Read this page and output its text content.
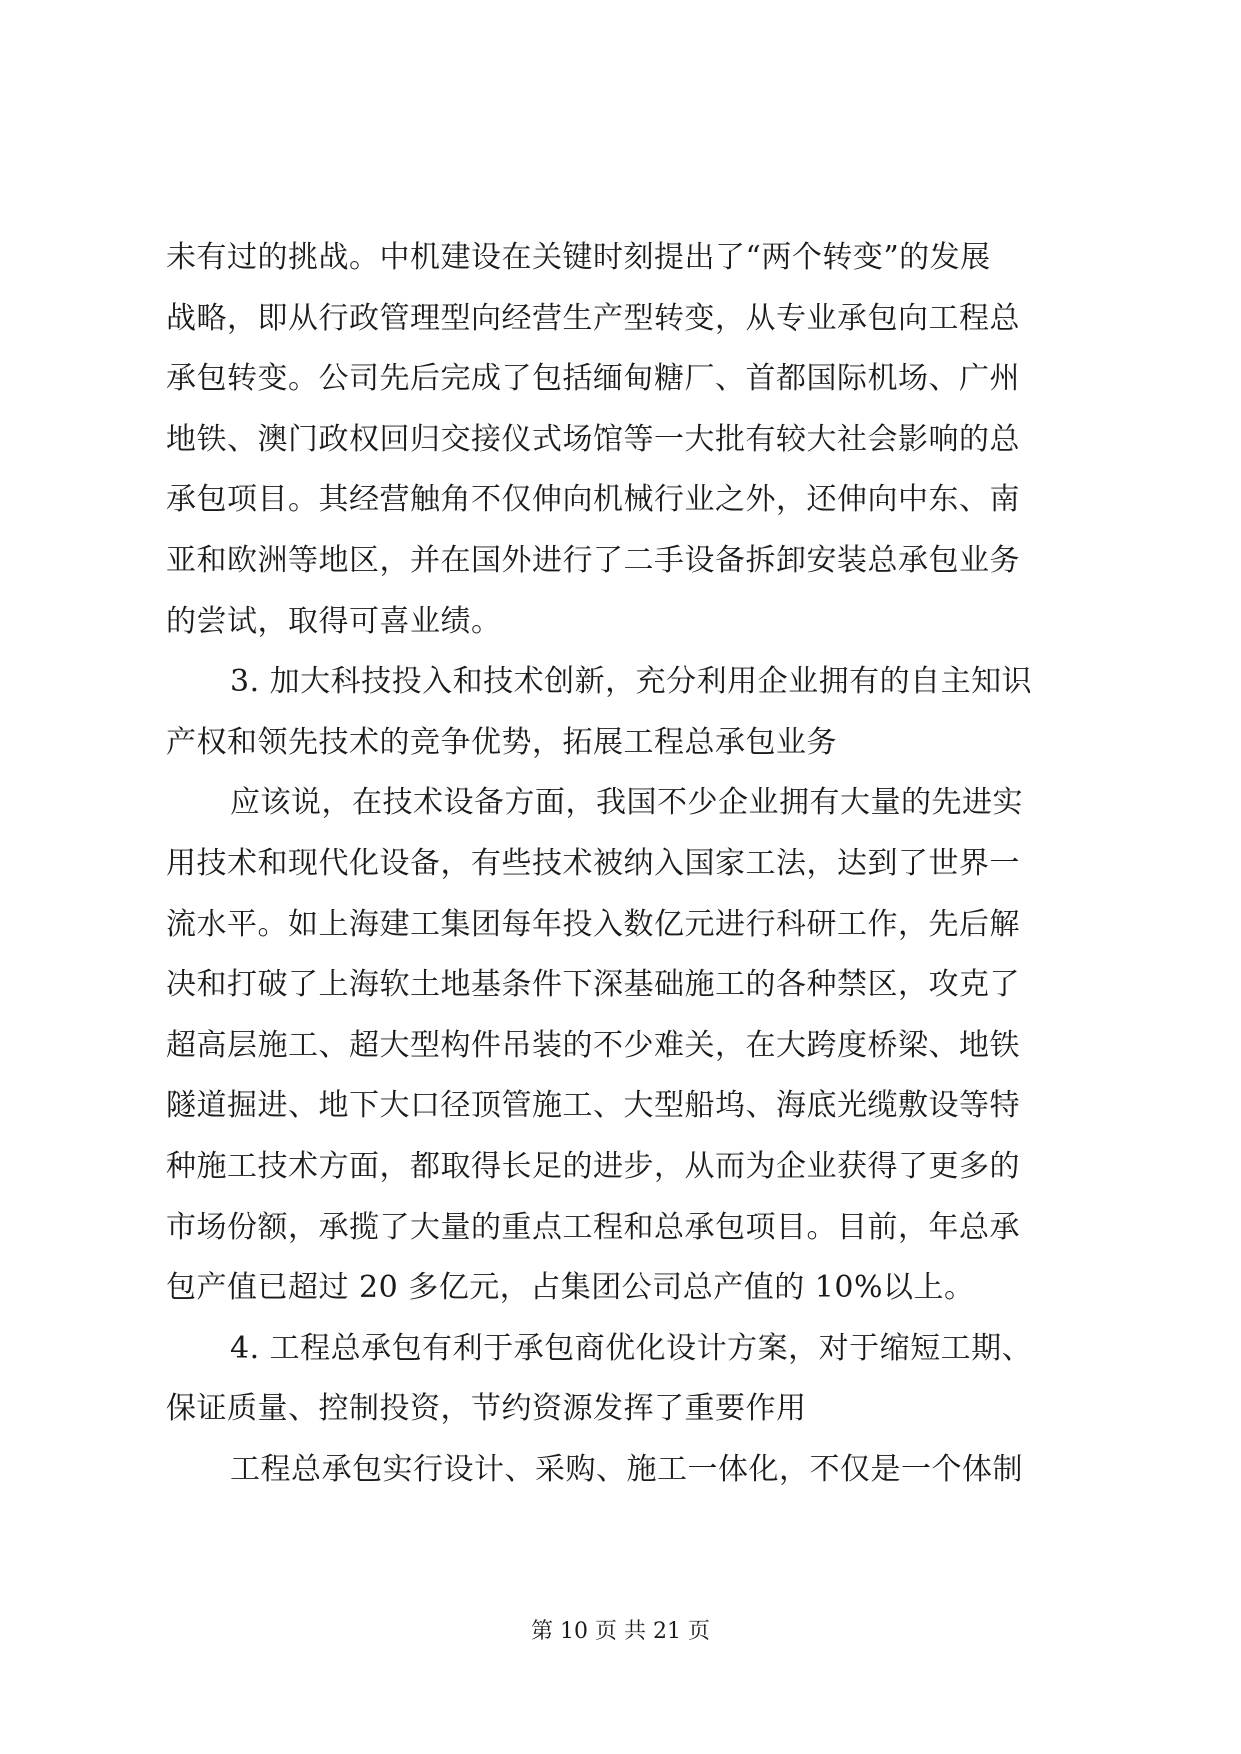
未有过的挑战。中机建设在关键时刻提出了“两个转变”的发展
战略，即从行政管理型向经营生产型转变，从专业承包向工程总
承包转变。公司先后完成了包括缅甸糖厂、首都国际机场、广州
地铁、澳门政权回归交接仪式场馆等一大批有较大社会影响的总
承包项目。其经营触角不仅伸向机械行业之外，还伸向中东、南
亚和欧洲等地区，并在国外进行了二手设备拆卸安装总承包业务
的尝试，取得可喜业绩。
3. 加大科技投入和技术创新，充分利用企业拥有的自主知识
产权和领先技术的竞争优势，拓展工程总承包业务
应该说，在技术设备方面，我国不少企业拥有大量的先进实
用技术和现代化设备，有些技术被纳入国家工法，达到了世界一
流水平。如上海建工集团每年投入数亿元进行科研工作，先后解
决和打破了上海软土地基条件下深基础施工的各种禁区，攻克了
超高层施工、超大型构件吊装的不少难关，在大跨度桥梁、地铁
隧道掘进、地下大口径顶管施工、大型船坞、海底光缆敷设等特
种施工技术方面，都取得长足的进步，从而为企业获得了更多的
市场份额，承揽了大量的重点工程和总承包项目。目前，年总承
包产值已超过 20 多亿元，占集团公司总产值的 10%以上。
4. 工程总承包有利于承包商优化设计方案，对于缩短工期、
保证质量、控制投资，节约资源发挥了重要作用
工程总承包实行设计、采购、施工一体化，不仅是一个体制
第 10 页 共 21 页
